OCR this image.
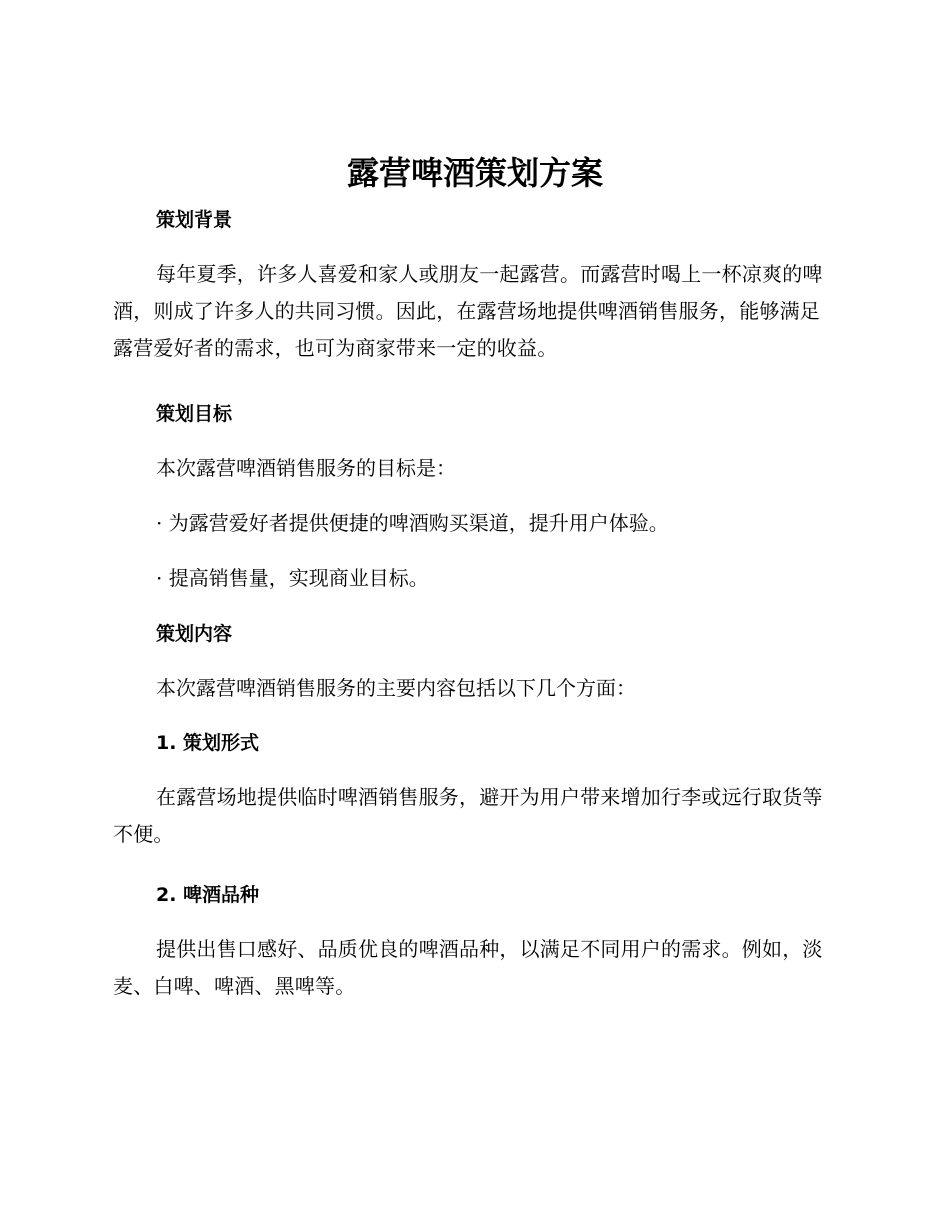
露营啤酒策划方案
策划背景

每年夏季，许多人喜爱和家人或朋友一起露营。而露营时喝上一杯凉爽的啤酒，则成了许多人的共同习惯。因此，在露营场地提供啤酒销售服务，能够满足露营爱好者的需求，也可为商家带来一定的收益。

策划目标

本次露营啤酒销售服务的目标是：

· 为露营爱好者提供便捷的啤酒购买渠道，提升用户体验。

· 提高销售量，实现商业目标。

策划内容

本次露营啤酒销售服务的主要内容包括以下几个方面：

1. 策划形式

在露营场地提供临时啤酒销售服务，避开为用户带来增加行李或远行取货等不便。

2. 啤酒品种

提供出售口感好、品质优良的啤酒品种，以满足不同用户的需求。例如，淡麦、白啤、啤酒、黑啤等。
